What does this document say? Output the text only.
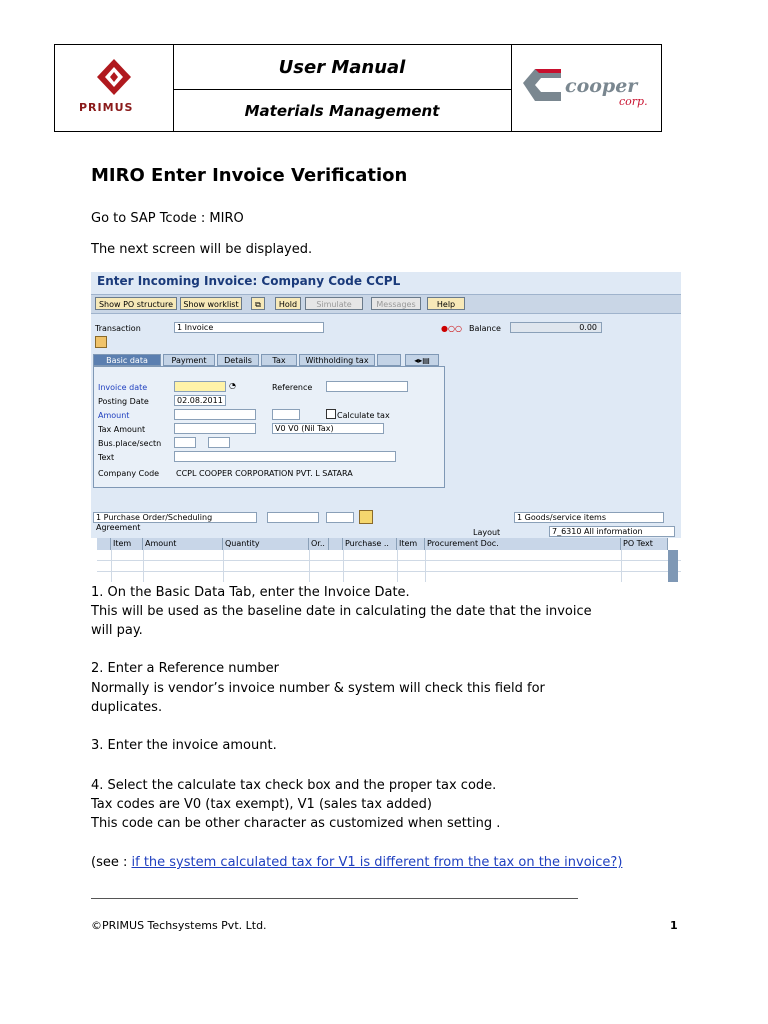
PRIMUS
User Manual
Materials Management
cooper
corp.
MIRO Enter Invoice Verification
Go to SAP Tcode : MIRO
The next screen will be displayed.
Enter Incoming Invoice: Company Code CCPL
Show PO structure	Show worklist	⧉	Hold	Simulate	Messages	Help
Transaction	1 Invoice	●○○ Balance	0.00
Basic data	Payment	Details	Tax	Withholding tax	◂▸▤
Invoice date	◔	Reference
Posting Date	02.08.2011
Amount	Calculate tax
Tax Amount	V0 V0 (Nil Tax)
Bus.place/sectn
Text
Company Code CCPL COOPER CORPORATION PVT. L SATARA
1 Purchase Order/Scheduling Agreement
1 Goods/service items
Layout	7_6310 All information
Item	Amount	Quantity	Or..	Purchase ..	Item	Procurement Doc.	PO Text
1. On the Basic Data Tab, enter the Invoice Date.
This will be used as the baseline date in calculating the date that the invoice
will pay.
2. Enter a Reference number
Normally is vendor’s invoice number & system will check this field for
duplicates.
3. Enter the invoice amount.
4. Select the calculate tax check box and the proper tax code.
Tax codes are V0 (tax exempt), V1 (sales tax added)
This code can be other character as customized when setting .
(see : if the system calculated tax for V1 is different from the tax on the invoice?)
©PRIMUS Techsystems Pvt. Ltd.	1
